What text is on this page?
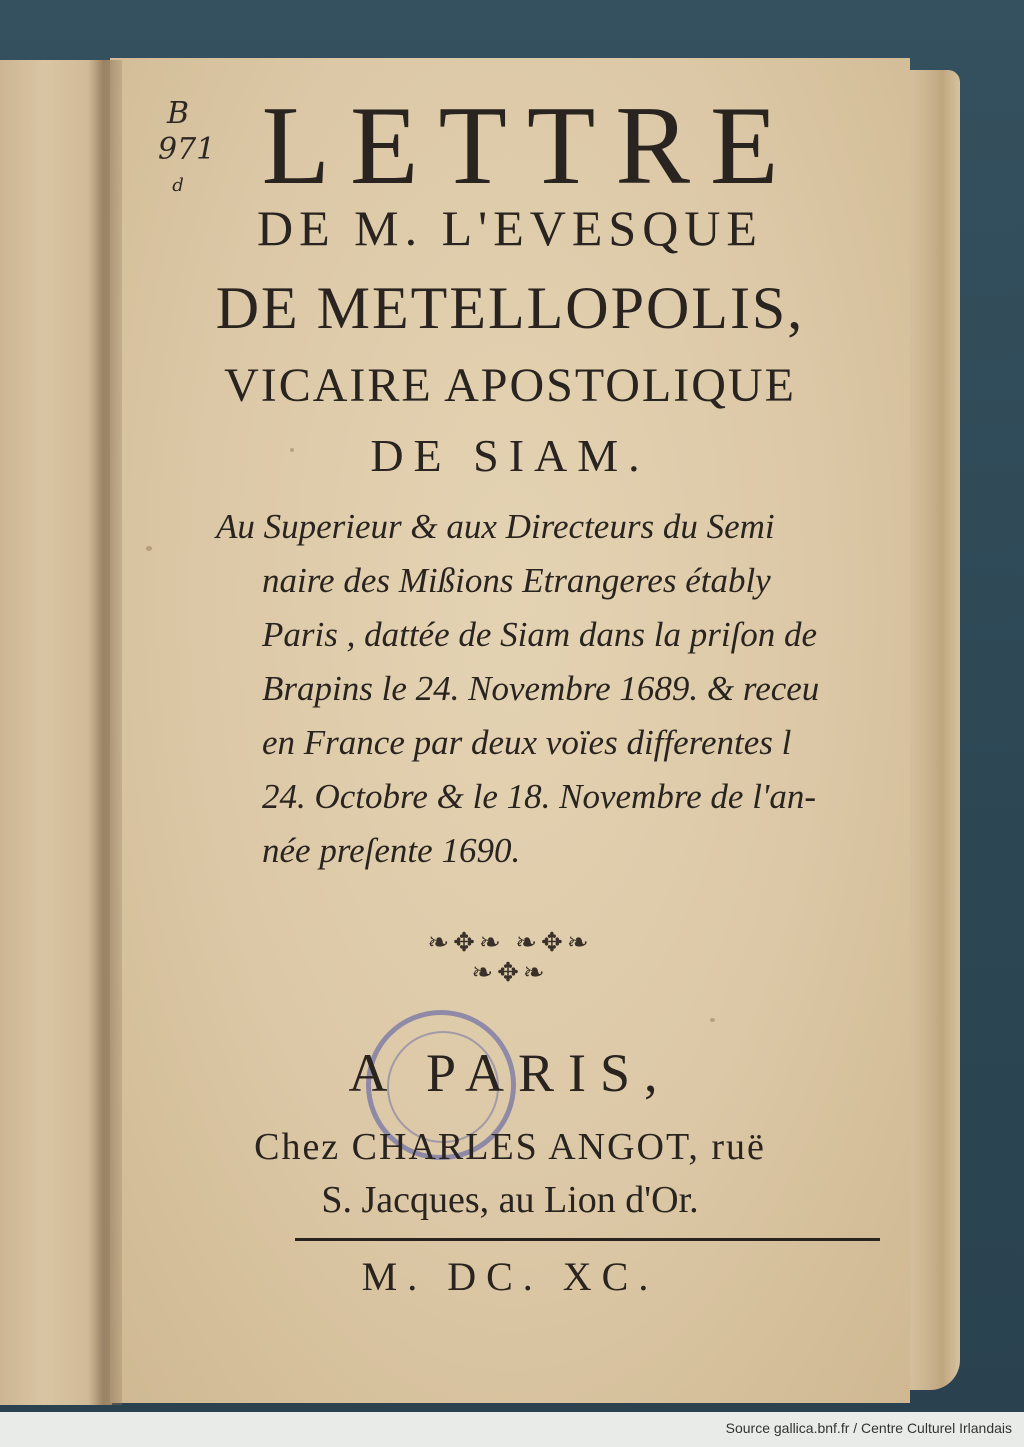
LETTRE
DE M. L'EVESQUE
DE METELLOPOLIS,
VICAIRE APOSTOLIQUE
DE SIAM.
Au Superieur & aux Directeurs du Semi
naire des Mißions Etrangeres étably
Paris , dattée de Siam dans la priſon de
Brapins le 24. Novembre 1689. & receu
en France par deux voïes differentes l
24. Octobre & le 18. Novembre de l'an-
née preſente 1690.
❧✥❧ ❧✥❧
❧✥❧
A PARIS,
Chez CHARLES ANGOT, ruë
S. Jacques, au Lion d'Or.
M. DC. XC.
B
971
d
Source gallica.bnf.fr / Centre Culturel Irlandais
